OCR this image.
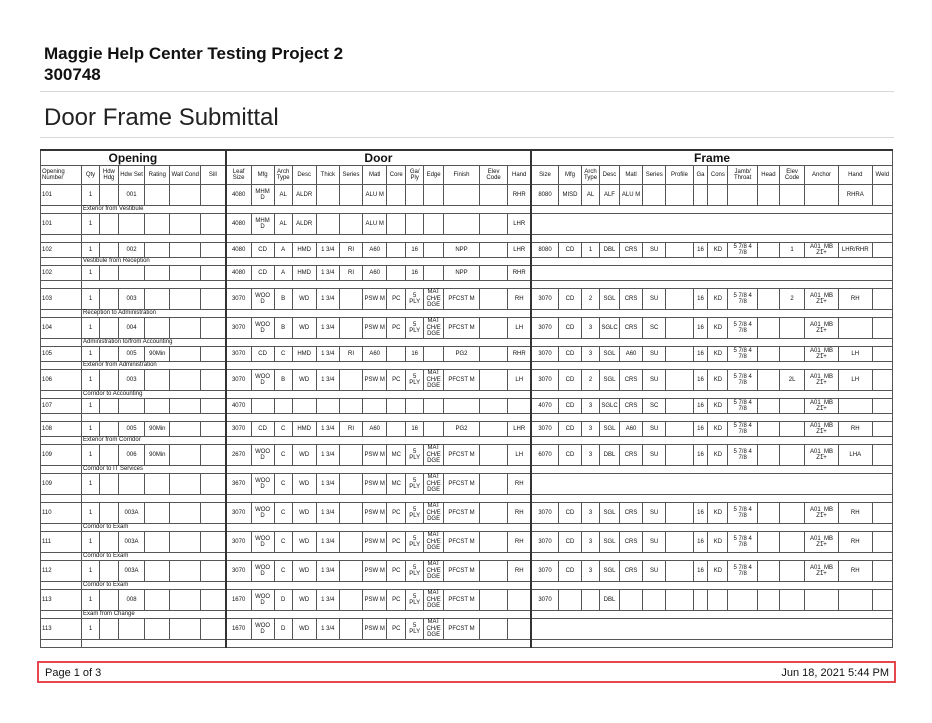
Maggie Help Center Testing Project 2
300748
Door Frame Submittal
Opening							Door													Frame														
Opening Number	Qty	Hdw Hdg	Hdw Set	Rating	Wall Cond	Sill	Leaf Size	Mfg	Arch Type	Desc	Thick	Series	Matl	Core	Ga/ Ply	Edge	Finish	Elev Code	Hand	Size	Mfg	Arch Type	Desc	Matl	Series	Profile	Ga	Cons	Jamb/ Throat	Head	Elev Code	Anchor	Hand	Weld
101	1		001				4080	MHM D	AL	ALDR			ALU M						RHR	8080	MISD	AL	ALF	ALU M									RHRA	
	Exterior from Vestibule																																	
101	1						4080	MHM D	AL	ALDR			ALU M						LHR															

102	1		002				4080	CD	A	HMD	1 3/4	RI	A60		16		NPP		LHR	8080	CD	1	DBL	CRS	SU		16	KD	5 7/8 4 7/8		1	A01_MB Z1+	LHR/RHR	
	Vestibule from Reception																																	
102	1						4080	CD	A	HMD	1 3/4	RI	A60		16		NPP		RHR															

103	1		003				3070	WOO D	B	WD	1 3/4		PSW M	PC	5 PLY	MAT CH/E DGE	PFCST M		RH	3070	CD	2	SGL	CRS	SU		16	KD	5 7/8 4 7/8		2	A01_MB Z1+	RH	
	Reception to Administration																																	
104	1		004				3070	WOO D	B	WD	1 3/4		PSW M	PC	5 PLY	MAT CH/E DGE	PFCST M		LH	3070	CD	3	SGLC	CRS	SC		16	KD	5 7/8 4 7/8			A01_MB Z1+		
	Administration to/from Accounting																																	
105	1		005	90Min			3070	CD	C	HMD	1 3/4	RI	A60		16		PG2		RHR	3070	CD	3	SGL	A60	SU		16	KD	5 7/8 4 7/8			A01_MB Z1+	LH	
	Exterior from Administration																																	
106	1		003				3070	WOO D	B	WD	1 3/4		PSW M	PC	5 PLY	MAT CH/E DGE	PFCST M		LH	3070	CD	2	SGL	CRS	SU		16	KD	5 7/8 4 7/8		2L	A01_MB Z1+	LH	
	Corridor to Accounting																																	
107	1						4070													4070	CD	3	SGLC	CRS	SC		16	KD	5 7/8 4 7/8			A01_MB Z1+		

108	1		005	90Min			3070	CD	C	HMD	1 3/4	RI	A60		16		PG2		LHR	3070	CD	3	SGL	A60	SU		16	KD	5 7/8 4 7/8			A01_MB Z1+	RH	
	Exterior from Corridor																																	
109	1		006	90Min			2670	WOO D	C	WD	1 3/4		PSW M	MC	5 PLY	MAT CH/E DGE	PFCST M		LH	6070	CD	3	DBL	CRS	SU		16	KD	5 7/8 4 7/8			A01_MB Z1+	LHA	
	Corridor to IT Services																																	
109	1						3670	WOO D	C	WD	1 3/4		PSW M	MC	5 PLY	MAT CH/E DGE	PFCST M		RH															

110	1		003A				3070	WOO D	C	WD	1 3/4		PSW M	PC	5 PLY	MAT CH/E DGE	PFCST M		RH	3070	CD	3	SGL	CRS	SU		16	KD	5 7/8 4 7/8			A01_MB Z1+	RH	
	Corridor to Exam																																	
111	1		003A				3070	WOO D	C	WD	1 3/4		PSW M	PC	5 PLY	MAT CH/E DGE	PFCST M		RH	3070	CD	3	SGL	CRS	SU		16	KD	5 7/8 4 7/8			A01_MB Z1+	RH	
	Corridor to Exam																																	
112	1		003A				3070	WOO D	C	WD	1 3/4		PSW M	PC	5 PLY	MAT CH/E DGE	PFCST M		RH	3070	CD	3	SGL	CRS	SU		16	KD	5 7/8 4 7/8			A01_MB Z1+	RH	
	Corridor to Exam																																	
113	1		008				1670	WOO D	D	WD	1 3/4		PSW M	PC	5 PLY	MAT CH/E DGE	PFCST M			3070			DBL											
	Exam from Change																																	
113	1						1670	WOO D	D	WD	1 3/4		PSW M	PC	5 PLY	MAT CH/E DGE	PFCST M																	

Page 1 of 3	Jun 18, 2021 5:44 PM
